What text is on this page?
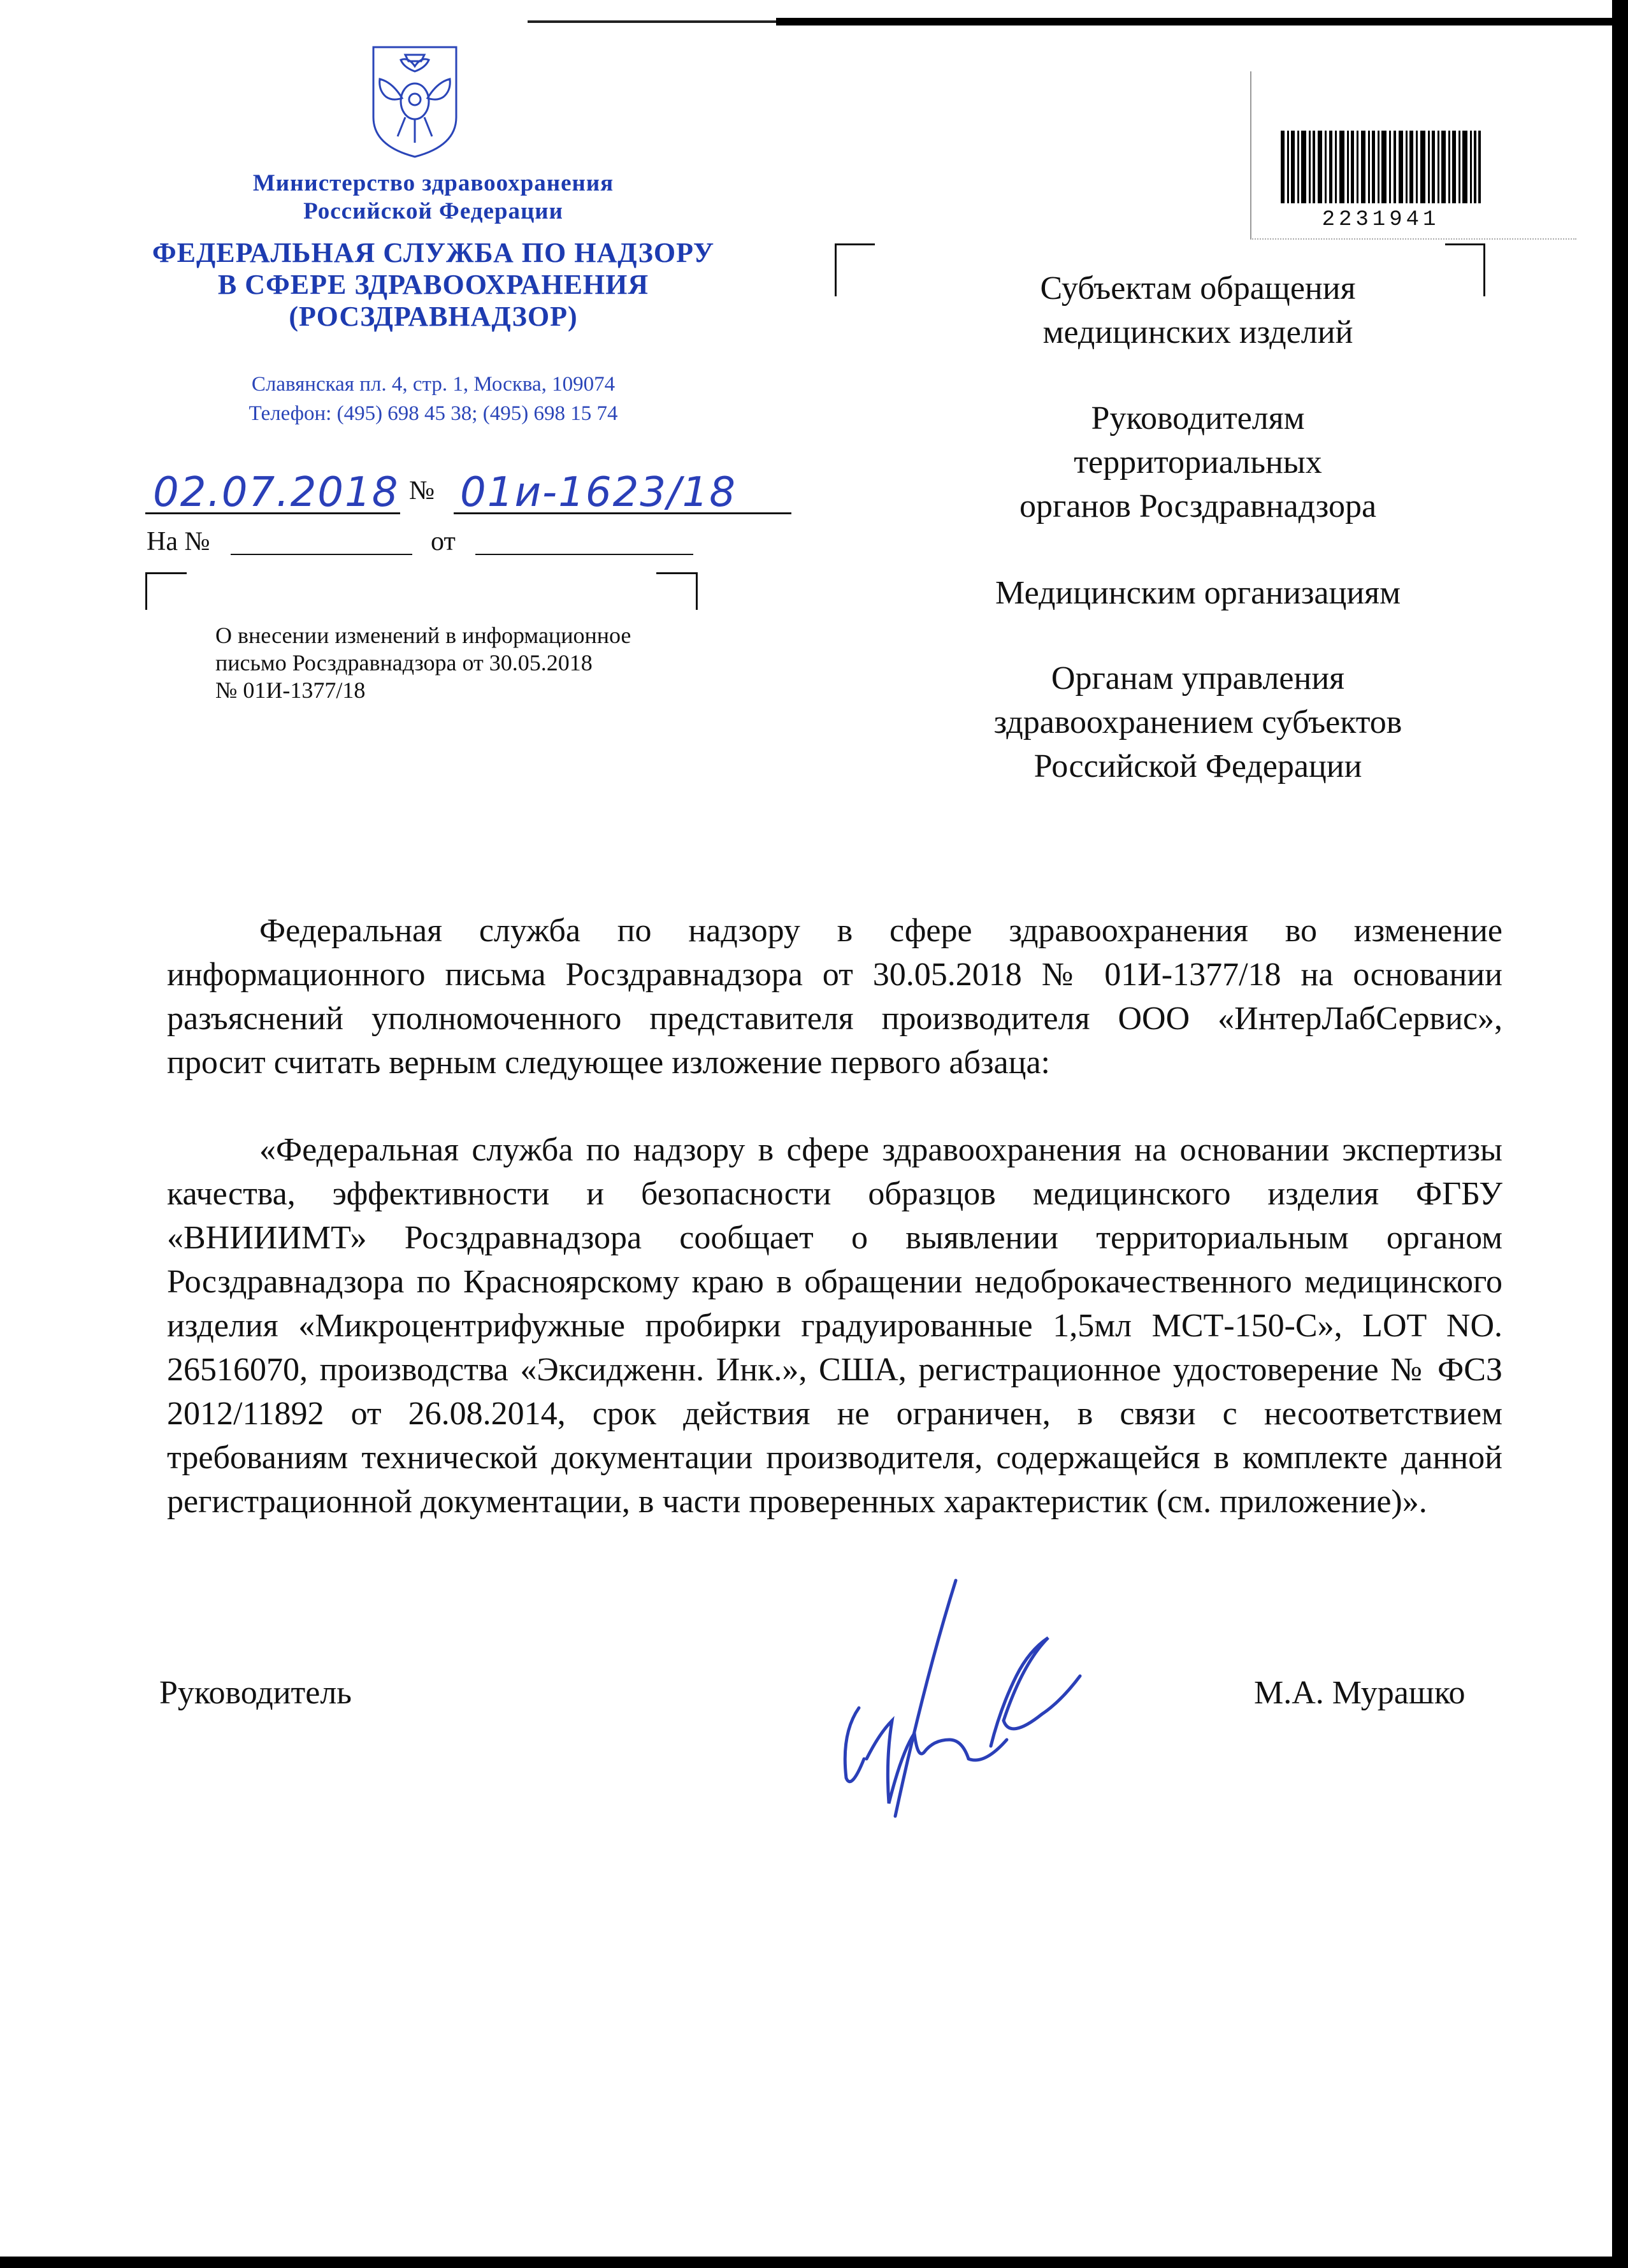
Министерство здравоохранения
Российской Федерации
ФЕДЕРАЛЬНАЯ СЛУЖБА ПО НАДЗОРУ
В СФЕРЕ ЗДРАВООХРАНЕНИЯ
(РОСЗДРАВНАДЗОР)
Славянская пл. 4, стр. 1, Москва, 109074
Телефон: (495) 698 45 38; (495) 698 15 74
02.07.2018 № 01и-1623/18
На №	от
О внесении изменений в информационное
письмо Росздравнадзора от 30.05.2018
№ 01И-1377/18
2231941
Субъектам обращения
медицинских изделий
Руководителям
территориальных
органов Росздравнадзора
Медицинским организациям
Органам управления
здравоохранением субъектов
Российской Федерации
Федеральная служба по надзору в сфере здравоохранения во изменение информационного письма Росздравнадзора от 30.05.2018 № 01И-1377/18 на основании разъяснений уполномоченного представителя производителя ООО «ИнтерЛабСервис», просит считать верным следующее изложение первого абзаца:
«Федеральная служба по надзору в сфере здравоохранения на основании экспертизы качества, эффективности и безопасности образцов медицинского изделия ФГБУ «ВНИИИМТ» Росздравнадзора сообщает о выявлении территориальным органом Росздравнадзора по Красноярскому краю в обращении недоброкачественного медицинского изделия «Микроцентрифужные пробирки градуированные 1,5мл МСТ-150-С», LOT NO. 26516070, производства «Эксидженн. Инк.», США, регистрационное удостоверение № ФСЗ 2012/11892 от 26.08.2014, срок действия не ограничен, в связи с несоответствием требованиям технической документации производителя, содержащейся в комплекте данной регистрационной документации, в части проверенных характеристик (см. приложение)».
Руководитель	М.А. Мурашко
